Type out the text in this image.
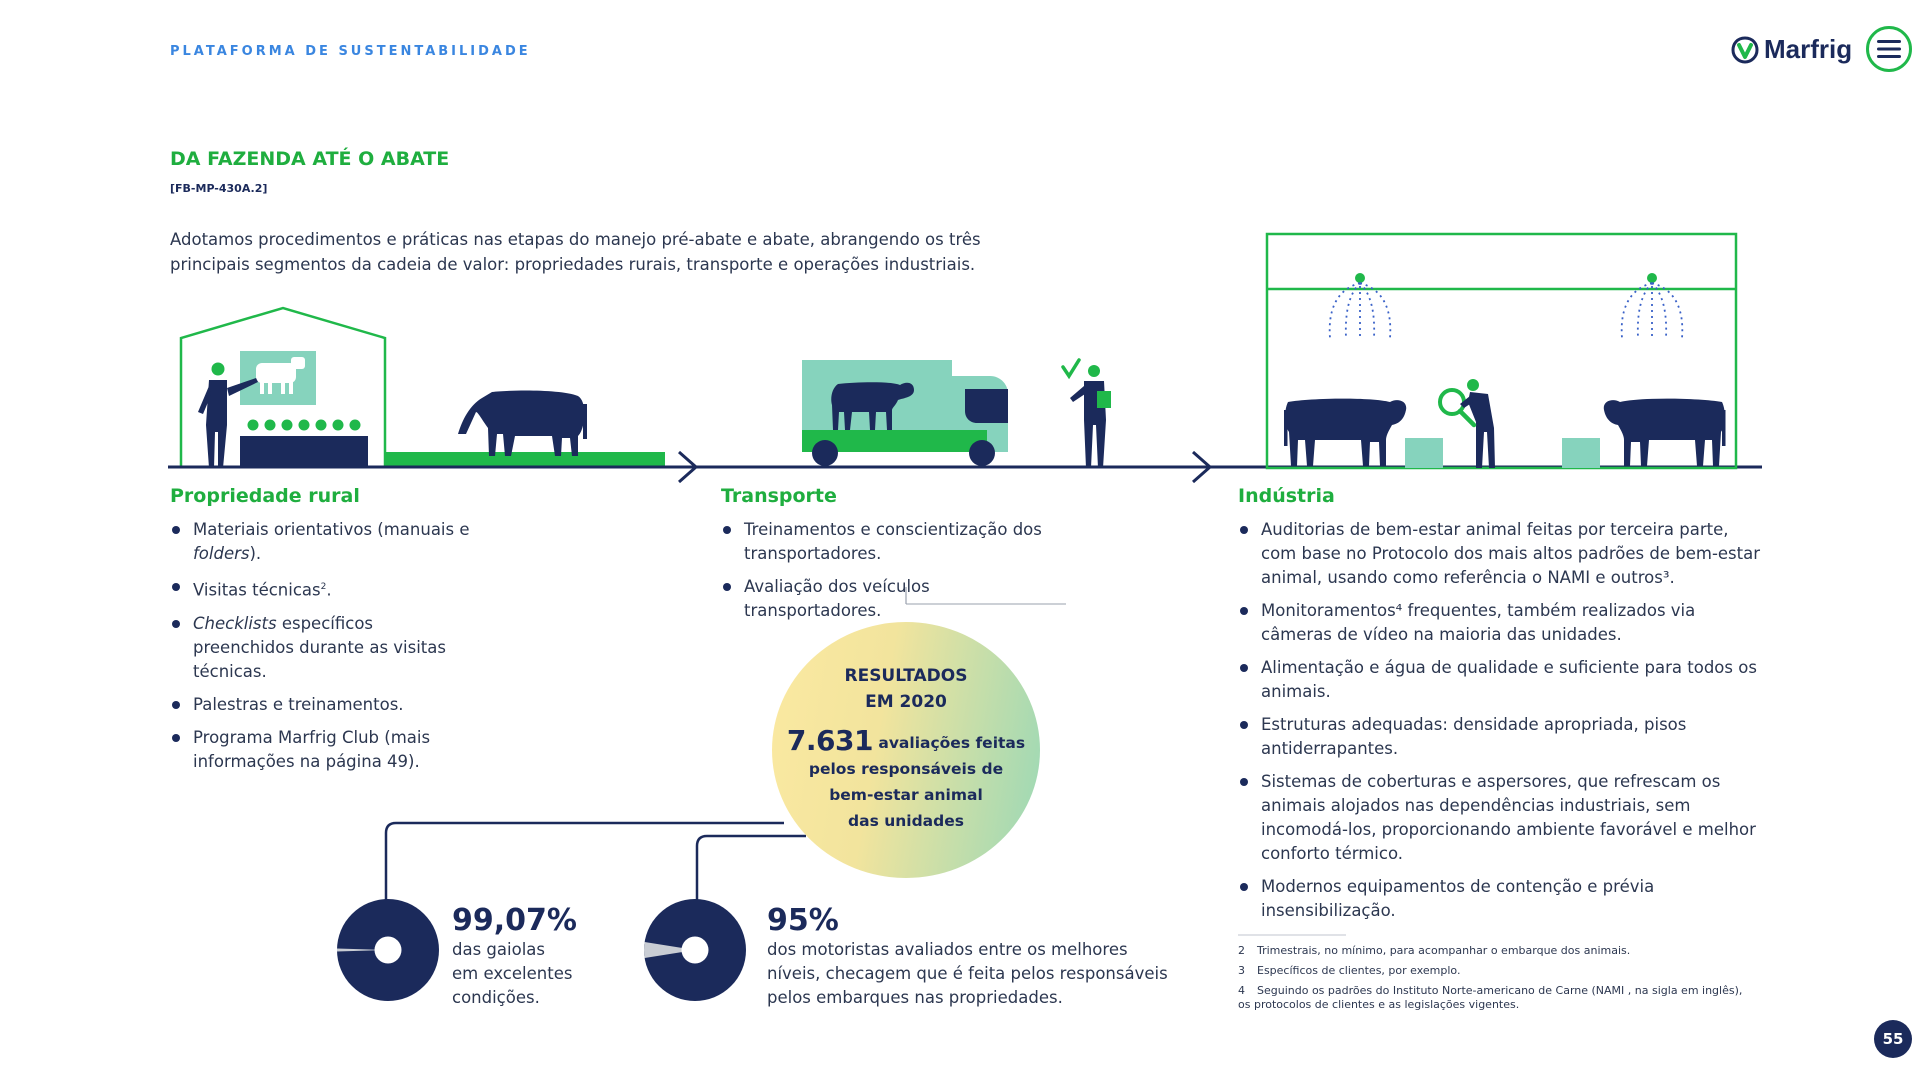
PLATAFORMA DE SUSTENTABILIDADE	Marfrig
DA FAZENDA ATÉ O ABATE
[FB-MP-430A.2]
Adotamos procedimentos e práticas nas etapas do manejo pré-abate e abate, abrangendo os três principais segmentos da cadeia de valor: propriedades rurais, transporte e operações industriais.
Propriedade rural
Materiais orientativos (manuais e folders).
Visitas técnicas$^2$.
Checklists específicos preenchidos durante as visitas técnicas.
Palestras e treinamentos.
Programa Marfrig Club (mais informações na página 49).
Transporte
Treinamentos e conscientização dos transportadores.
Avaliação dos veículos transportadores.
Indústria
Auditorias de bem-estar animal feitas por terceira parte, com base no Protocolo dos mais altos padrões de bem-estar animal, usando como referência o NAMI e outros³.
Monitoramentos⁴ frequentes, também realizados via câmeras de vídeo na maioria das unidades.
Alimentação e água de qualidade e suficiente para todos os animais.
Estruturas adequadas: densidade apropriada, pisos antiderrapantes.
Sistemas de coberturas e aspersores, que refrescam os animais alojados nas dependências industriais, sem incomodá-los, proporcionando ambiente favorável e melhor conforto térmico.
Modernos equipamentos de contenção e prévia insensibilização.
RESULTADOS
EM 2020
7.631 avaliações feitas
pelos responsáveis de
bem-estar animal
das unidades
99,07%
das gaiolas
em excelentes
condições.
95%
dos motoristas avaliados entre os melhores
níveis, checagem que é feita pelos responsáveis
pelos embarques nas propriedades.
2 Trimestrais, no mínimo, para acompanhar o embarque dos animais.
3 Específicos de clientes, por exemplo.
4 Seguindo os padrões do Instituto Norte-americano de Carne (NAMI , na sigla em inglês),
os protocolos de clientes e as legislações vigentes.
55
